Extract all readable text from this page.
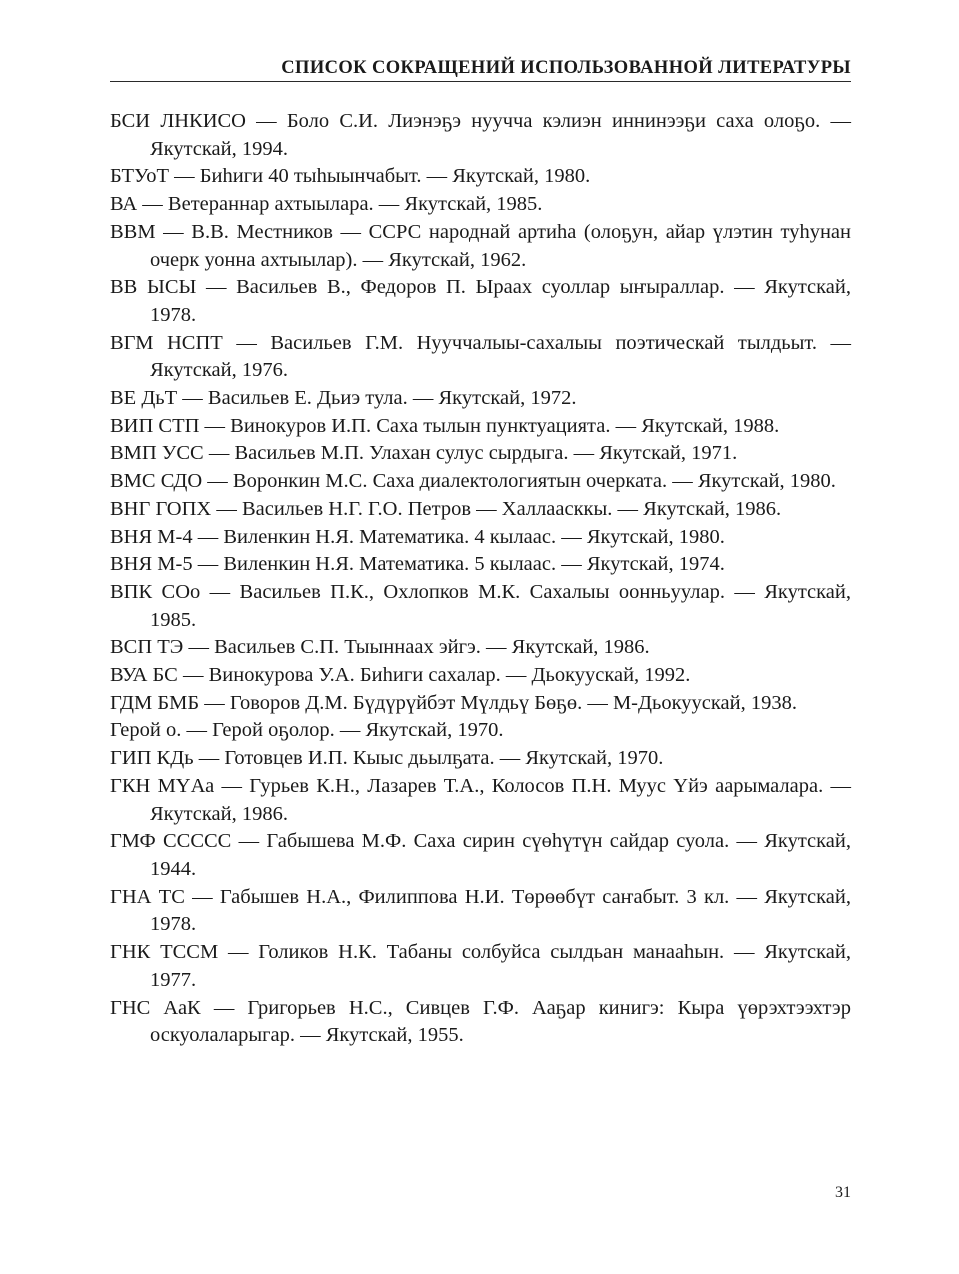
СПИСОК СОКРАЩЕНИЙ ИСПОЛЬЗОВАННОЙ ЛИТЕРАТУРЫ
БСИ ЛНКИСО — Боло С.И. Лиэнэҕэ нуучча кэлиэн иннинээҕи саха олоҕо. — Якутскай, 1994.
БТУоТ — Биһиги 40 тыһыынчабыт. — Якутскай, 1980.
ВА — Ветераннар ахтыылара. — Якутскай, 1985.
ВВМ — В.В. Местников — ССРС народнай артиһа (олоҕун, айар үлэтин туһунан очерк уонна ахтыылар). — Якутскай, 1962.
ВВ ЫСЫ — Васильев В., Федоров П. Ыраах суоллар ыҥыраллар. — Якутскай, 1978.
ВГМ НСПТ — Васильев Г.М. Нууччалыы-сахалыы поэтическай тылдьыт. — Якутскай, 1976.
ВЕ ДьТ — Васильев Е. Дьиэ тула. — Якутскай, 1972.
ВИП СТП — Винокуров И.П. Саха тылын пунктуацията. — Якутскай, 1988.
ВМП УСС — Васильев М.П. Улахан сулус сырдыга. — Якутскай, 1971.
ВМС СДО — Воронкин М.С. Саха диалектологиятын очерката. — Якутскай, 1980.
ВНГ ГОПХ — Васильев Н.Г. Г.О. Петров — Халлаасккы. — Якутскай, 1986.
ВНЯ М-4 — Виленкин Н.Я. Математика. 4 кылаас. — Якутскай, 1980.
ВНЯ М-5 — Виленкин Н.Я. Математика. 5 кылаас. — Якутскай, 1974.
ВПК СОо — Васильев П.К., Охлопков М.К. Сахалыы оонньуулар. — Якутскай, 1985.
ВСП ТЭ — Васильев С.П. Тыыннаах эйгэ. — Якутскай, 1986.
ВУА БС — Винокурова У.А. Биһиги сахалар. — Дьокуускай, 1992.
ГДМ БМБ — Говоров Д.М. Бүдүрүйбэт Мүлдьү Бөҕө. — М-Дьокуускай, 1938.
Герой о. — Герой оҕолор. — Якутскай, 1970.
ГИП КДь — Готовцев И.П. Кыыс дьылҕата. — Якутскай, 1970.
ГКН МҮАа — Гурьев К.Н., Лазарев Т.А., Колосов П.Н. Муус Үйэ аарымалара. — Якутскай, 1986.
ГМФ СССCC — Габышева М.Ф. Саха сирин сүөһүтүн сайдар суола. — Якутскай, 1944.
ГНА ТС — Габышев Н.А., Филиппова Н.И. Төрөөбүт саҥабыт. 3 кл. — Якутскай, 1978.
ГНК ТССМ — Голиков Н.К. Табаны солбуйса сылдьан манааһын. — Якутскай, 1977.
ГНС АаК — Григорьев Н.С., Сивцев Г.Ф. Ааҕар кинигэ: Кыра үөрэхтээхтэр оскуолаларыгар. — Якутскай, 1955.
31
